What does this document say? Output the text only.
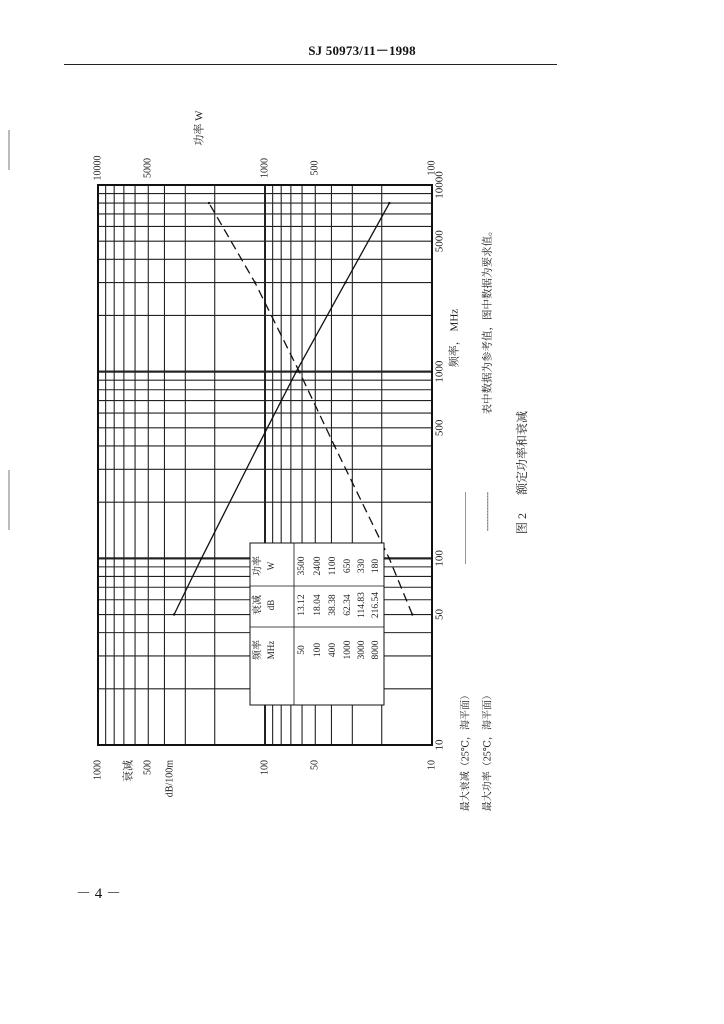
SJ 50973/11－1998
10
50
100
500
1000
5000
10000
频率， MHz
10
50
100
500
1000 衰减	dB/100m
100
500
1000
5000
10000
功率 W
频率
衰减
功率
MHz
dB
W
50
13.12
3500
100
18.04
2400
400
38.38
1100
1000
62.34
650
3000
114.83
330
8000
216.54
180
最大衰减（25℃，海平面）
————————
最大功率（25℃，海平面）
-------------
表中数据为参考值，图中数据为要求值。
图 2
额定功率和衰减
－ 4 －
